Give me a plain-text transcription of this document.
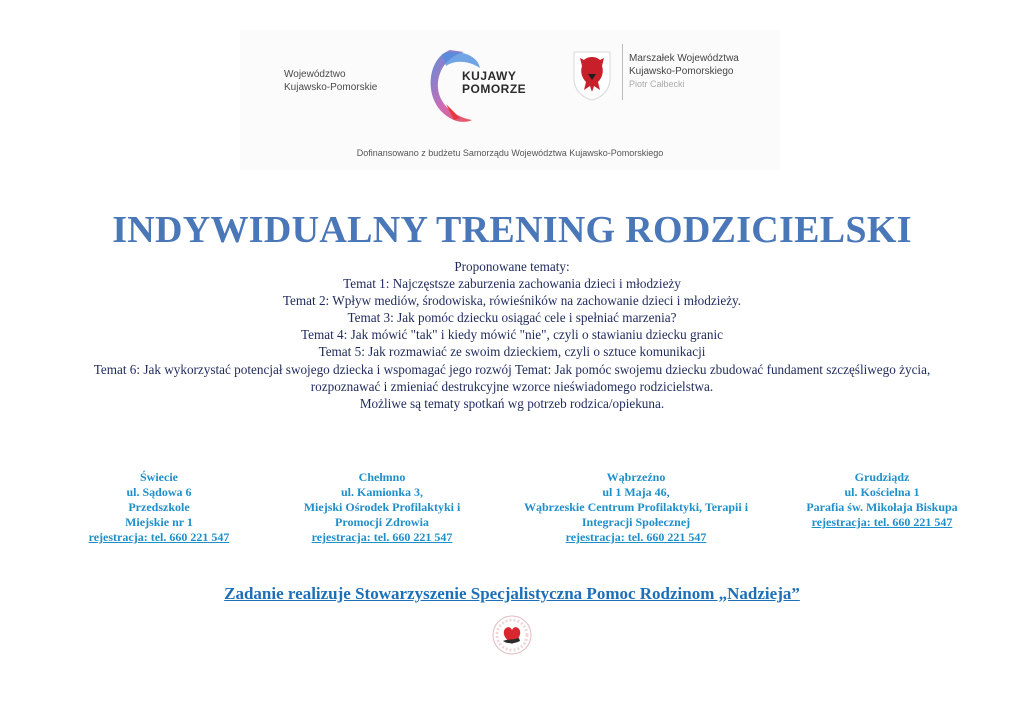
Województwo
Kujawsko-Pomorskie
KUJAWY
POMORZE
Marszałek Województwa
Kujawsko-Pomorskiego
Piotr Całbecki
Dofinansowano z budżetu Samorządu Województwa Kujawsko-Pomorskiego
INDYWIDUALNY TRENING RODZICIELSKI
Proponowane tematy:
Temat 1: Najczęstsze zaburzenia zachowania dzieci i młodzieży
Temat 2: Wpływ mediów, środowiska, rówieśników na zachowanie dzieci i młodzieży.
Temat 3: Jak pomóc dziecku osiągać cele i spełniać marzenia?
Temat 4: Jak mówić "tak" i kiedy mówić "nie", czyli o stawianiu dziecku granic
Temat 5: Jak rozmawiać ze swoim dzieckiem, czyli o sztuce komunikacji
Temat 6: Jak wykorzystać potencjał swojego dziecka i wspomagać jego rozwój Temat: Jak pomóc swojemu dziecku zbudować fundament szczęśliwego życia, rozpoznawać i zmieniać destrukcyjne wzorce nieświadomego rodzicielstwa.
Możliwe są tematy spotkań wg potrzeb rodzica/opiekuna.
Świecie
ul. Sądowa 6
Przedszkole
Miejskie nr 1
rejestracja: tel. 660 221 547
Chełmno
ul. Kamionka 3,
Miejski Ośrodek Profilaktyki i
Promocji Zdrowia
rejestracja: tel. 660 221 547
Wąbrzeźno
ul 1 Maja 46,
Wąbrzeskie Centrum Profilaktyki, Terapii i
Integracji Społecznej
rejestracja: tel. 660 221 547
Grudziądz
ul. Kościelna 1
Parafia św. Mikołaja Biskupa
rejestracja: tel. 660 221 547
Zadanie realizuje Stowarzyszenie Specjalistyczna Pomoc Rodzinom „Nadzieja”
